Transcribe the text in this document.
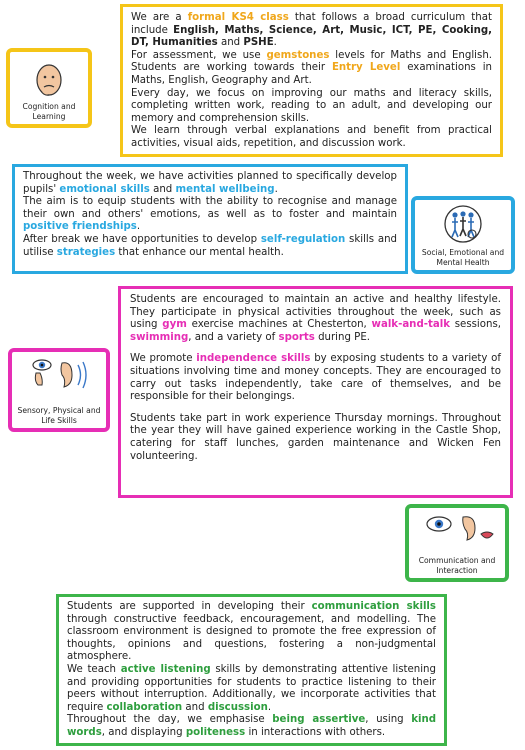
Cognition and Learning

We are a formal KS4 class that follows a broad curriculum that include English, Maths, Science, Art, Music, ICT, PE, Cooking, DT, Humanities and PSHE.

For assessment, we use gemstones levels for Maths and English. Students are working towards their Entry Level examinations in Maths, English, Geography and Art.

Every day, we focus on improving our maths and literacy skills, completing written work, reading to an adult, and developing our memory and comprehension skills.

We learn through verbal explanations and benefit from practical activities, visual aids, repetition, and discussion work.

Throughout the week, we have activities planned to specifically develop pupils' emotional skills and mental wellbeing.

The aim is to equip students with the ability to recognise and manage their own and others' emotions, as well as to foster and maintain positive friendships.

After break we have opportunities to develop self-regulation skills and utilise strategies that enhance our mental health.	Social, Emotional and Mental Health
Sensory, Physical and Life Skills

Students are encouraged to maintain an active and healthy lifestyle. They participate in physical activities throughout the week, such as using gym exercise machines at Chesterton, walk-and-talk sessions, swimming, and a variety of sports during PE.

We promote independence skills by exposing students to a variety of situations involving time and money concepts. They are encouraged to carry out tasks independently, take care of themselves, and be responsible for their belongings.

Students take part in work experience Thursday mornings. Throughout the year they will have gained experience working in the Castle Shop, catering for staff lunches, garden maintenance and Wicken Fen volunteering.

Communication and Interaction

Students are supported in developing their communication skills through constructive feedback, encouragement, and modelling. The classroom environment is designed to promote the free expression of thoughts, opinions and questions, fostering a non-judgmental atmosphere.

We teach active listening skills by demonstrating attentive listening and providing opportunities for students to practice listening to their peers without interruption. Additionally, we incorporate activities that require collaboration and discussion.

Throughout the day, we emphasise being assertive, using kind words, and displaying politeness in interactions with others.
